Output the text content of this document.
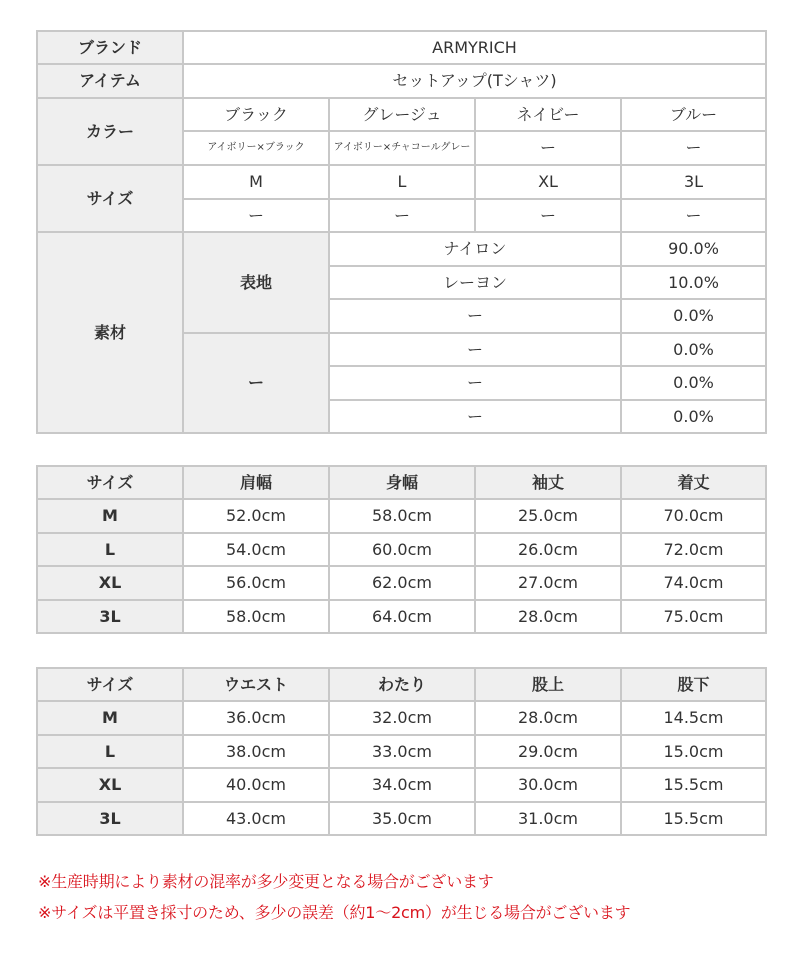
ブランド	ARMYRICH			
アイテム	セットアップ(Tシャツ)			
カラー	ブラック	グレージュ	ネイビー	ブルー
	アイボリー×ブラック	アイボリー×チャコールグレー	ー	ー
サイズ	M	L	XL	3L
	ー	ー	ー	ー
素材	表地	ナイロン		90.0%
		レーヨン		10.0%
		ー		0.0%
	ー	ー		0.0%
		ー		0.0%
		ー		0.0%
サイズ	肩幅	身幅	袖丈	着丈
M	52.0cm	58.0cm	25.0cm	70.0cm
L	54.0cm	60.0cm	26.0cm	72.0cm
XL	56.0cm	62.0cm	27.0cm	74.0cm
3L	58.0cm	64.0cm	28.0cm	75.0cm
サイズ	ウエスト	わたり	股上	股下
M	36.0cm	32.0cm	28.0cm	14.5cm
L	38.0cm	33.0cm	29.0cm	15.0cm
XL	40.0cm	34.0cm	30.0cm	15.5cm
3L	43.0cm	35.0cm	31.0cm	15.5cm

※生産時期により素材の混率が多少変更となる場合がございます

※サイズは平置き採寸のため、多少の誤差（約1～2cm）が生じる場合がございます
